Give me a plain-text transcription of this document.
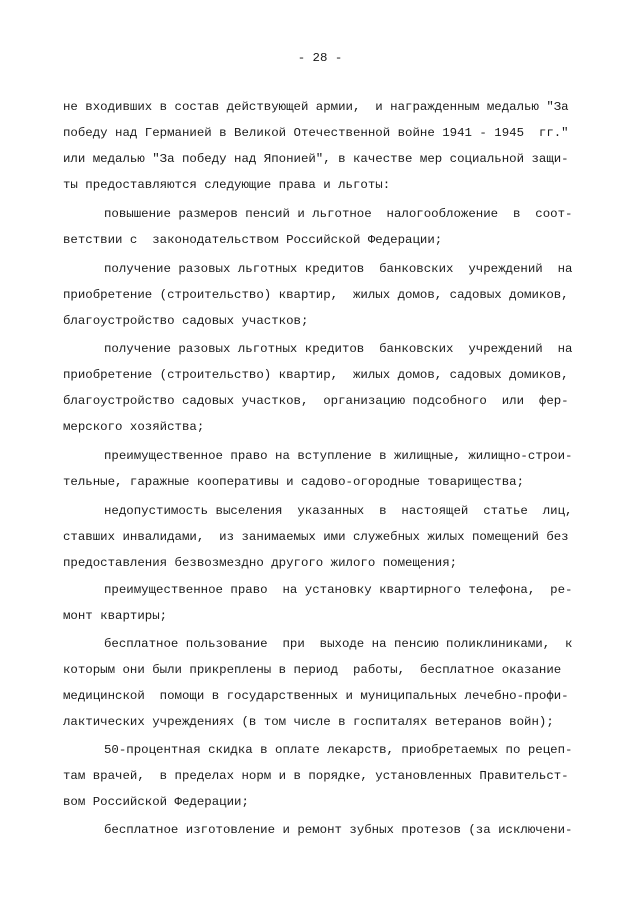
- 28 -
не входивших в состав действующей армии,  и награжденным медалью "За
победу над Германией в Великой Отечественной войне 1941 - 1945  гг."
или медалью "За победу над Японией", в качестве мер социальной защи-
ты предоставляются следующие права и льготы:
повышение размеров пенсий и льготное  налогообложение  в  соот-
ветствии с  законодательством Российской Федерации;
получение разовых льготных кредитов  банковских  учреждений  на
приобретение (строительство) квартир,  жилых домов, садовых домиков,
благоустройство садовых участков;
получение разовых льготных кредитов  банковских  учреждений  на
приобретение (строительство) квартир,  жилых домов, садовых домиков,
благоустройство садовых участков,  организацию подсобного  или  фер-
мерского хозяйства;
преимущественное право на вступление в жилищные, жилищно-строи-
тельные, гаражные кооперативы и садово-огородные товарищества;
недопустимость выселения  указанных  в  настоящей  статье  лиц,
ставших инвалидами,  из занимаемых ими служебных жилых помещений без
предоставления безвозмездно другого жилого помещения;
преимущественное право  на установку квартирного телефона,  ре-
монт квартиры;
бесплатное пользование  при  выходе на пенсию поликлиниками,  к
которым они были прикреплены в период  работы,  бесплатное оказание
медицинской  помощи в государственных и муниципальных лечебно-профи-
лактических учреждениях (в том числе в госпиталях ветеранов войн);
50-процентная скидка в оплате лекарств, приобретаемых по рецеп-
там врачей,  в пределах норм и в порядке, установленных Правительст-
вом Российской Федерации;
бесплатное изготовление и ремонт зубных протезов (за исключени-
